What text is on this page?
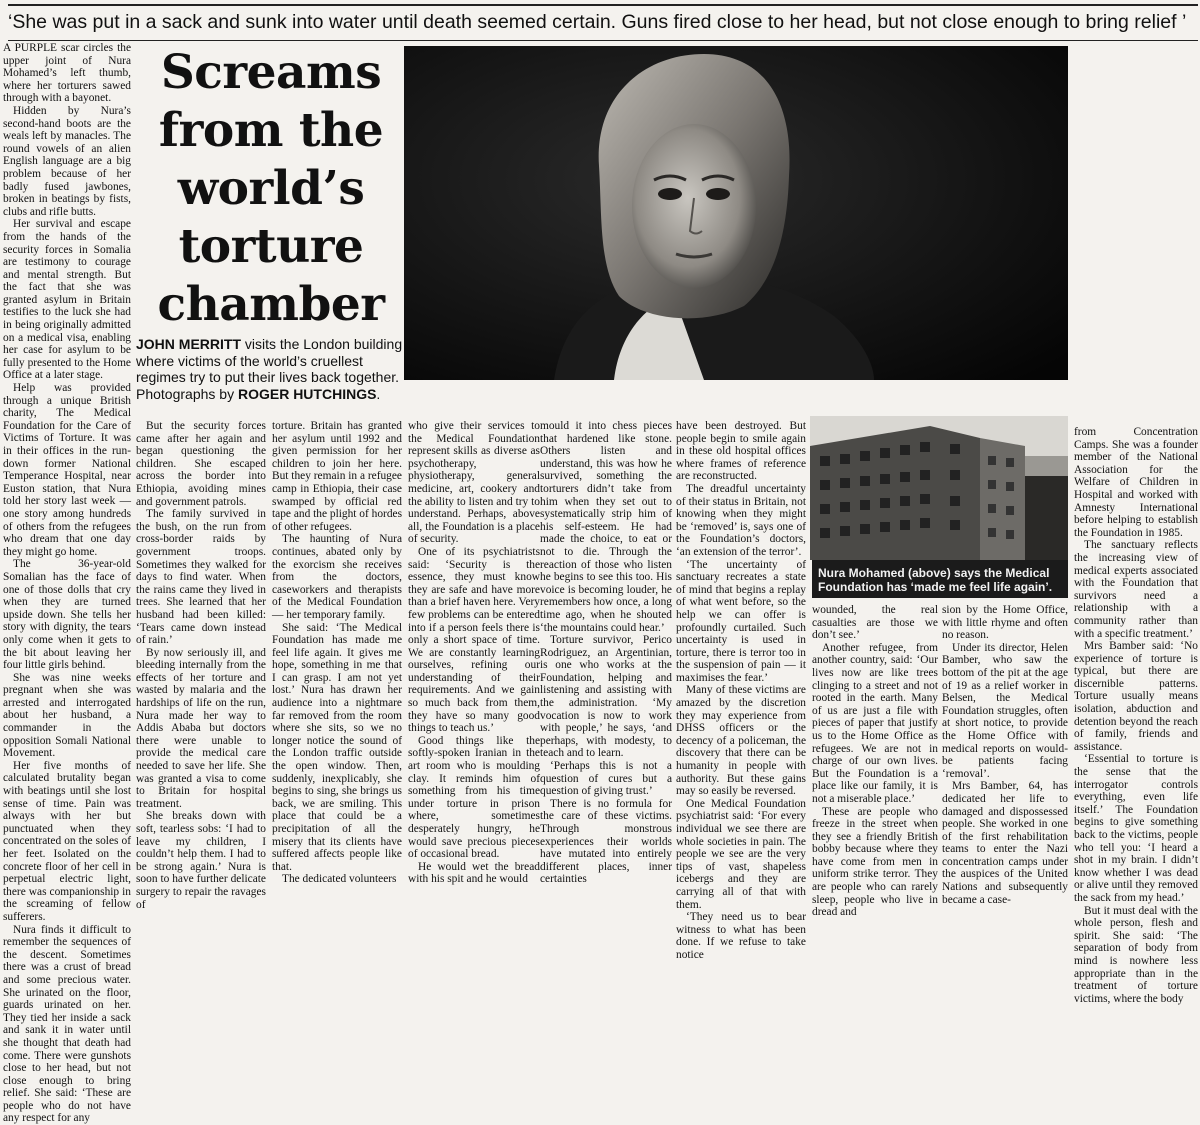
‘She was put in a sack and sunk into water until death seemed certain. Guns fired close to her head, but not close enough to bring relief ’

A PURPLE scar circles the upper joint of Nura Mohamed’s left thumb, where her torturers sawed through with a bayonet.

Hidden by Nura’s second-hand boots are the weals left by manacles. The round vowels of an alien English language are a big problem because of her badly fused jawbones, broken in beatings by fists, clubs and rifle butts.

Her survival and escape from the hands of the security forces in Somalia are testimony to courage and mental strength. But the fact that she was granted asylum in Britain testifies to the luck she had in being originally admitted on a medical visa, enabling her case for asylum to be fully presented to the Home Office at a later stage.

Help was provided through a unique British charity, The Medical Foundation for the Care of Victims of Torture. It was in their offices in the run-down former National Temperance Hospital, near Euston station, that Nura told her story last week — one story among hundreds of others from the refugees who dream that one day they might go home.

The 36-year-old Somalian has the face of one of those dolls that cry when they are turned upside down. She tells her story with dignity, the tears only come when it gets to the bit about leaving her four little girls behind.

She was nine weeks pregnant when she was arrested and interrogated about her husband, a commander in the opposition Somali National Movement.

Her five months of calculated brutality began with beatings until she lost sense of time. Pain was always with her but punctuated when they concentrated on the soles of her feet. Isolated on the concrete floor of her cell in perpetual electric light, there was companionship in the screaming of fellow sufferers.

Nura finds it difficult to remember the sequences of the descent. Sometimes there was a crust of bread and some precious water. She urinated on the floor, guards urinated on her. They tied her inside a sack and sank it in water until she thought that death had come. There were gunshots close to her head, but not close enough to bring relief. She said: ‘These are people who do not have any respect for any

Screams
from the
world’s
torture
chamber
JOHN MERRITT visits the London building where victims of the world’s cruellest regimes try to put their lives back together. Photographs by ROGER HUTCHINGS.

But the security forces came after her again and began questioning the children. She escaped across the border into Ethiopia, avoiding mines and government patrols.

The family survived in the bush, on the run from cross-border raids by government troops. Sometimes they walked for days to find water. When the rains came they lived in trees. She learned that her husband had been killed: ‘Tears came down instead of rain.’

By now seriously ill, and bleeding internally from the effects of her torture and wasted by malaria and the hardships of life on the run, Nura made her way to Addis Ababa but doctors there were unable to provide the medical care needed to save her life. She was granted a visa to come to Britain for hospital treatment.

She breaks down with soft, tearless sobs: ‘I had to leave my children, I couldn’t help them. I had to be strong again.’ Nura is soon to have further delicate surgery to repair the ravages of

torture. Britain has granted her asylum until 1992 and given permission for her children to join her here. But they remain in a refugee camp in Ethiopia, their case swamped by official red tape and the plight of hordes of other refugees.

The haunting of Nura continues, abated only by the exorcism she receives from the doctors, caseworkers and therapists of the Medical Foundation — her temporary family.

She said: ‘The Medical Foundation has made me feel life again. It gives me hope, something in me that I can grasp. I am not yet lost.’ Nura has drawn her audience into a nightmare far removed from the room where she sits, so we no longer notice the sound of the London traffic outside the open window. Then, suddenly, inexplicably, she begins to sing, she brings us back, we are smiling. This place that could be a precipitation of all the misery that its clients have suffered affects people like that.

The dedicated volunteers

who give their services to the Medical Foundation represent skills as diverse as psychotherapy, physiotherapy, general medicine, art, cookery and the ability to listen and try to understand. Perhaps, above all, the Foundation is a place of security.

One of its psychiatrists said: ‘Security is the essence, they must know they are safe and have more than a brief haven here. Very few problems can be entered into if a person feels there is only a short space of time. We are constantly learning ourselves, refining our understanding of their requirements. And we gain so much back from them, they have so many good things to teach us.’

Good things like the softly-spoken Iranian in the art room who is moulding clay. It reminds him of something from his time under torture in prison where, sometimes desperately hungry, he would save precious pieces of occasional bread.

He would wet the bread with his spit and he would

mould it into chess pieces that hardened like stone. Others listen and understand, this was how he survived, something the torturers didn’t take from him when they set out to systematically strip him of his self-esteem. He had made the choice, to eat or not to die. Through the reaction of those who listen he begins to see this too. His voice is becoming louder, he remembers how once, a long time ago, when he shouted ‘the mountains could hear.’

Torture survivor, Perico Rodriguez, an Argentinian, is one who works at the Foundation, helping and listening and assisting with the administration. ‘My vocation is now to work with people,’ he says, ‘and perhaps, with modesty, to teach and to learn.

‘Perhaps this is not a question of cures but a question of giving trust.’

There is no formula for the care of these victims. Through monstrous experiences their worlds have mutated into entirely different places, inner certainties

have been destroyed. But people begin to smile again in these old hospital offices where frames of reference are reconstructed.

The dreadful uncertainty of their status in Britain, not knowing when they might be ‘removed’ is, says one of the Foundation’s doctors, ‘an extension of the terror’.

‘The uncertainty of sanctuary recreates a state of mind that begins a replay of what went before, so the help we can offer is profoundly curtailed. Such uncertainty is used in torture, there is terror too in the suspension of pain — it maximises the fear.’

Many of these victims are amazed by the discretion they may experience from DHSS officers or the decency of a policeman, the discovery that there can be humanity in people with authority. But these gains may so easily be reversed.

One Medical Foundation psychiatrist said: ‘For every individual we see there are whole societies in pain. The people we see are the very tips of vast, shapeless icebergs and they are carrying all of that with them.

‘They need us to bear witness to what has been done. If we refuse to take notice

Nura Mohamed (above) says the Medical Foundation has ‘made me feel life again’.

wounded, the real casualties are those we don’t see.’

Another refugee, from another country, said: ‘Our lives now are like trees clinging to a street and not rooted in the earth. Many of us are just a file with pieces of paper that justify us to the Home Office as refugees. We are not in charge of our own lives. But the Foundation is a place like our family, it is not a miserable place.’

These are people who freeze in the street when they see a friendly British bobby because where they have come from men in uniform strike terror. They are people who can rarely sleep, people who live in dread and

sion by the Home Office, with little rhyme and often no reason.

Under its director, Helen Bamber, who saw the bottom of the pit at the age of 19 as a relief worker in Belsen, the Medical Foundation struggles, often at short notice, to provide the Home Office with medical reports on would-be patients facing ‘removal’.

Mrs Bamber, 64, has dedicated her life to damaged and dispossessed people. She worked in one of the first rehabilitation teams to enter the Nazi concentration camps under the auspices of the United Nations and subsequently became a case-

from Concentration Camps. She was a founder member of the National Association for the Welfare of Children in Hospital and worked with Amnesty International before helping to establish the Foundation in 1985.

The sanctuary reflects the increasing view of medical experts associated with the Foundation that survivors need a relationship with a community rather than with a specific treatment.’

Mrs Bamber said: ‘No experience of torture is typical, but there are discernible patterns. Torture usually means isolation, abduction and detention beyond the reach of family, friends and assistance.

‘Essential to torture is the sense that the interrogator controls everything, even life itself.’ The Foundation begins to give something back to the victims, people who tell you: ‘I heard a shot in my brain. I didn’t know whether I was dead or alive until they removed the sack from my head.’

But it must deal with the whole person, flesh and spirit. She said: ‘The separation of body from mind is nowhere less appropriate than in the treatment of torture victims, where the body
